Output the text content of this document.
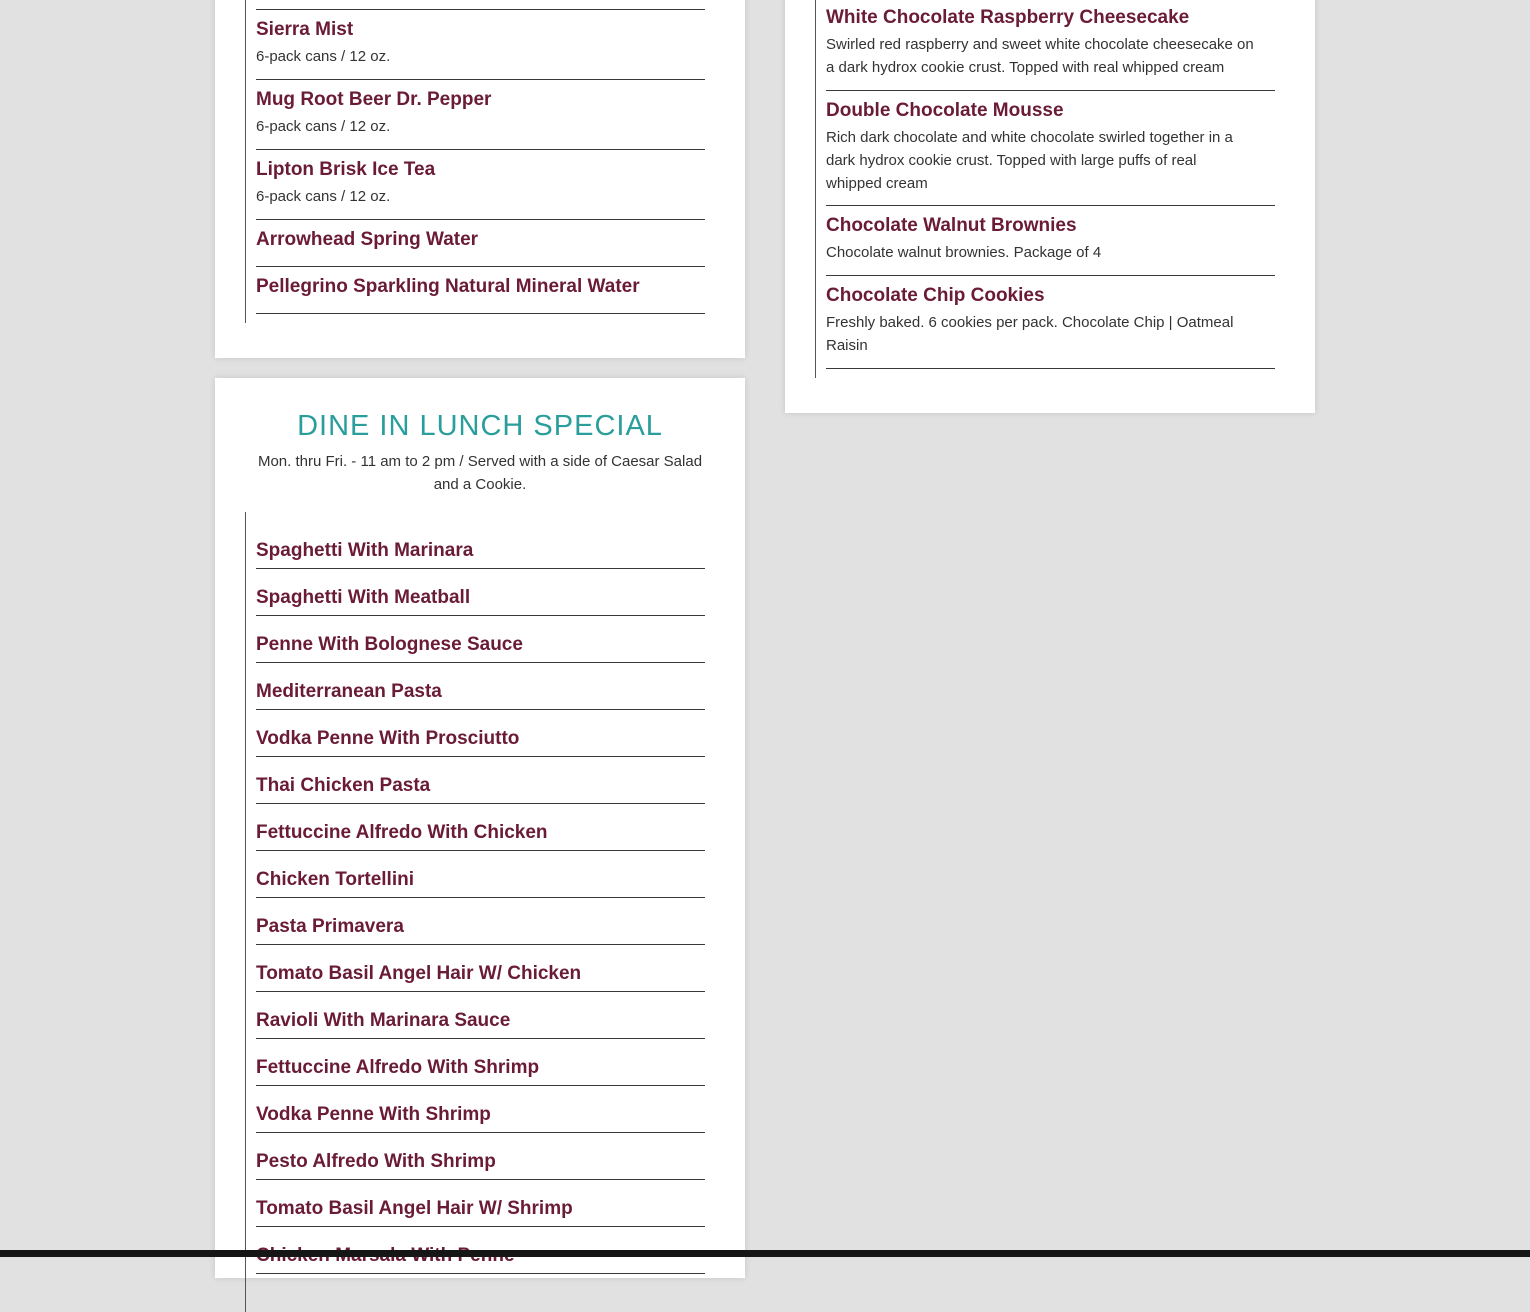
Sierra Mist

6-pack cans / 12 oz.

Mug Root Beer Dr. Pepper

6-pack cans / 12 oz.

Lipton Brisk Ice Tea

6-pack cans / 12 oz.

Arrowhead Spring Water
Pellegrino Sparkling Natural Mineral Water
White Chocolate Raspberry Cheesecake

Swirled red raspberry and sweet white chocolate cheesecake on a dark hydrox cookie crust. Topped with real whipped cream

Double Chocolate Mousse

Rich dark chocolate and white chocolate swirled together in a dark hydrox cookie crust. Topped with large puffs of real whipped cream

Chocolate Walnut Brownies

Chocolate walnut brownies. Package of 4

Chocolate Chip Cookies

Freshly baked. 6 cookies per pack. Chocolate Chip | Oatmeal Raisin

DINE IN LUNCH SPECIAL

Mon. thru Fri. - 11 am to 2 pm / Served with a side of Caesar Salad and a Cookie.

Spaghetti With Marinara
Spaghetti With Meatball
Penne With Bolognese Sauce
Mediterranean Pasta
Vodka Penne With Prosciutto
Thai Chicken Pasta
Fettuccine Alfredo With Chicken
Chicken Tortellini
Pasta Primavera
Tomato Basil Angel Hair W/ Chicken
Ravioli With Marinara Sauce
Fettuccine Alfredo With Shrimp
Vodka Penne With Shrimp
Pesto Alfredo With Shrimp
Tomato Basil Angel Hair W/ Shrimp
